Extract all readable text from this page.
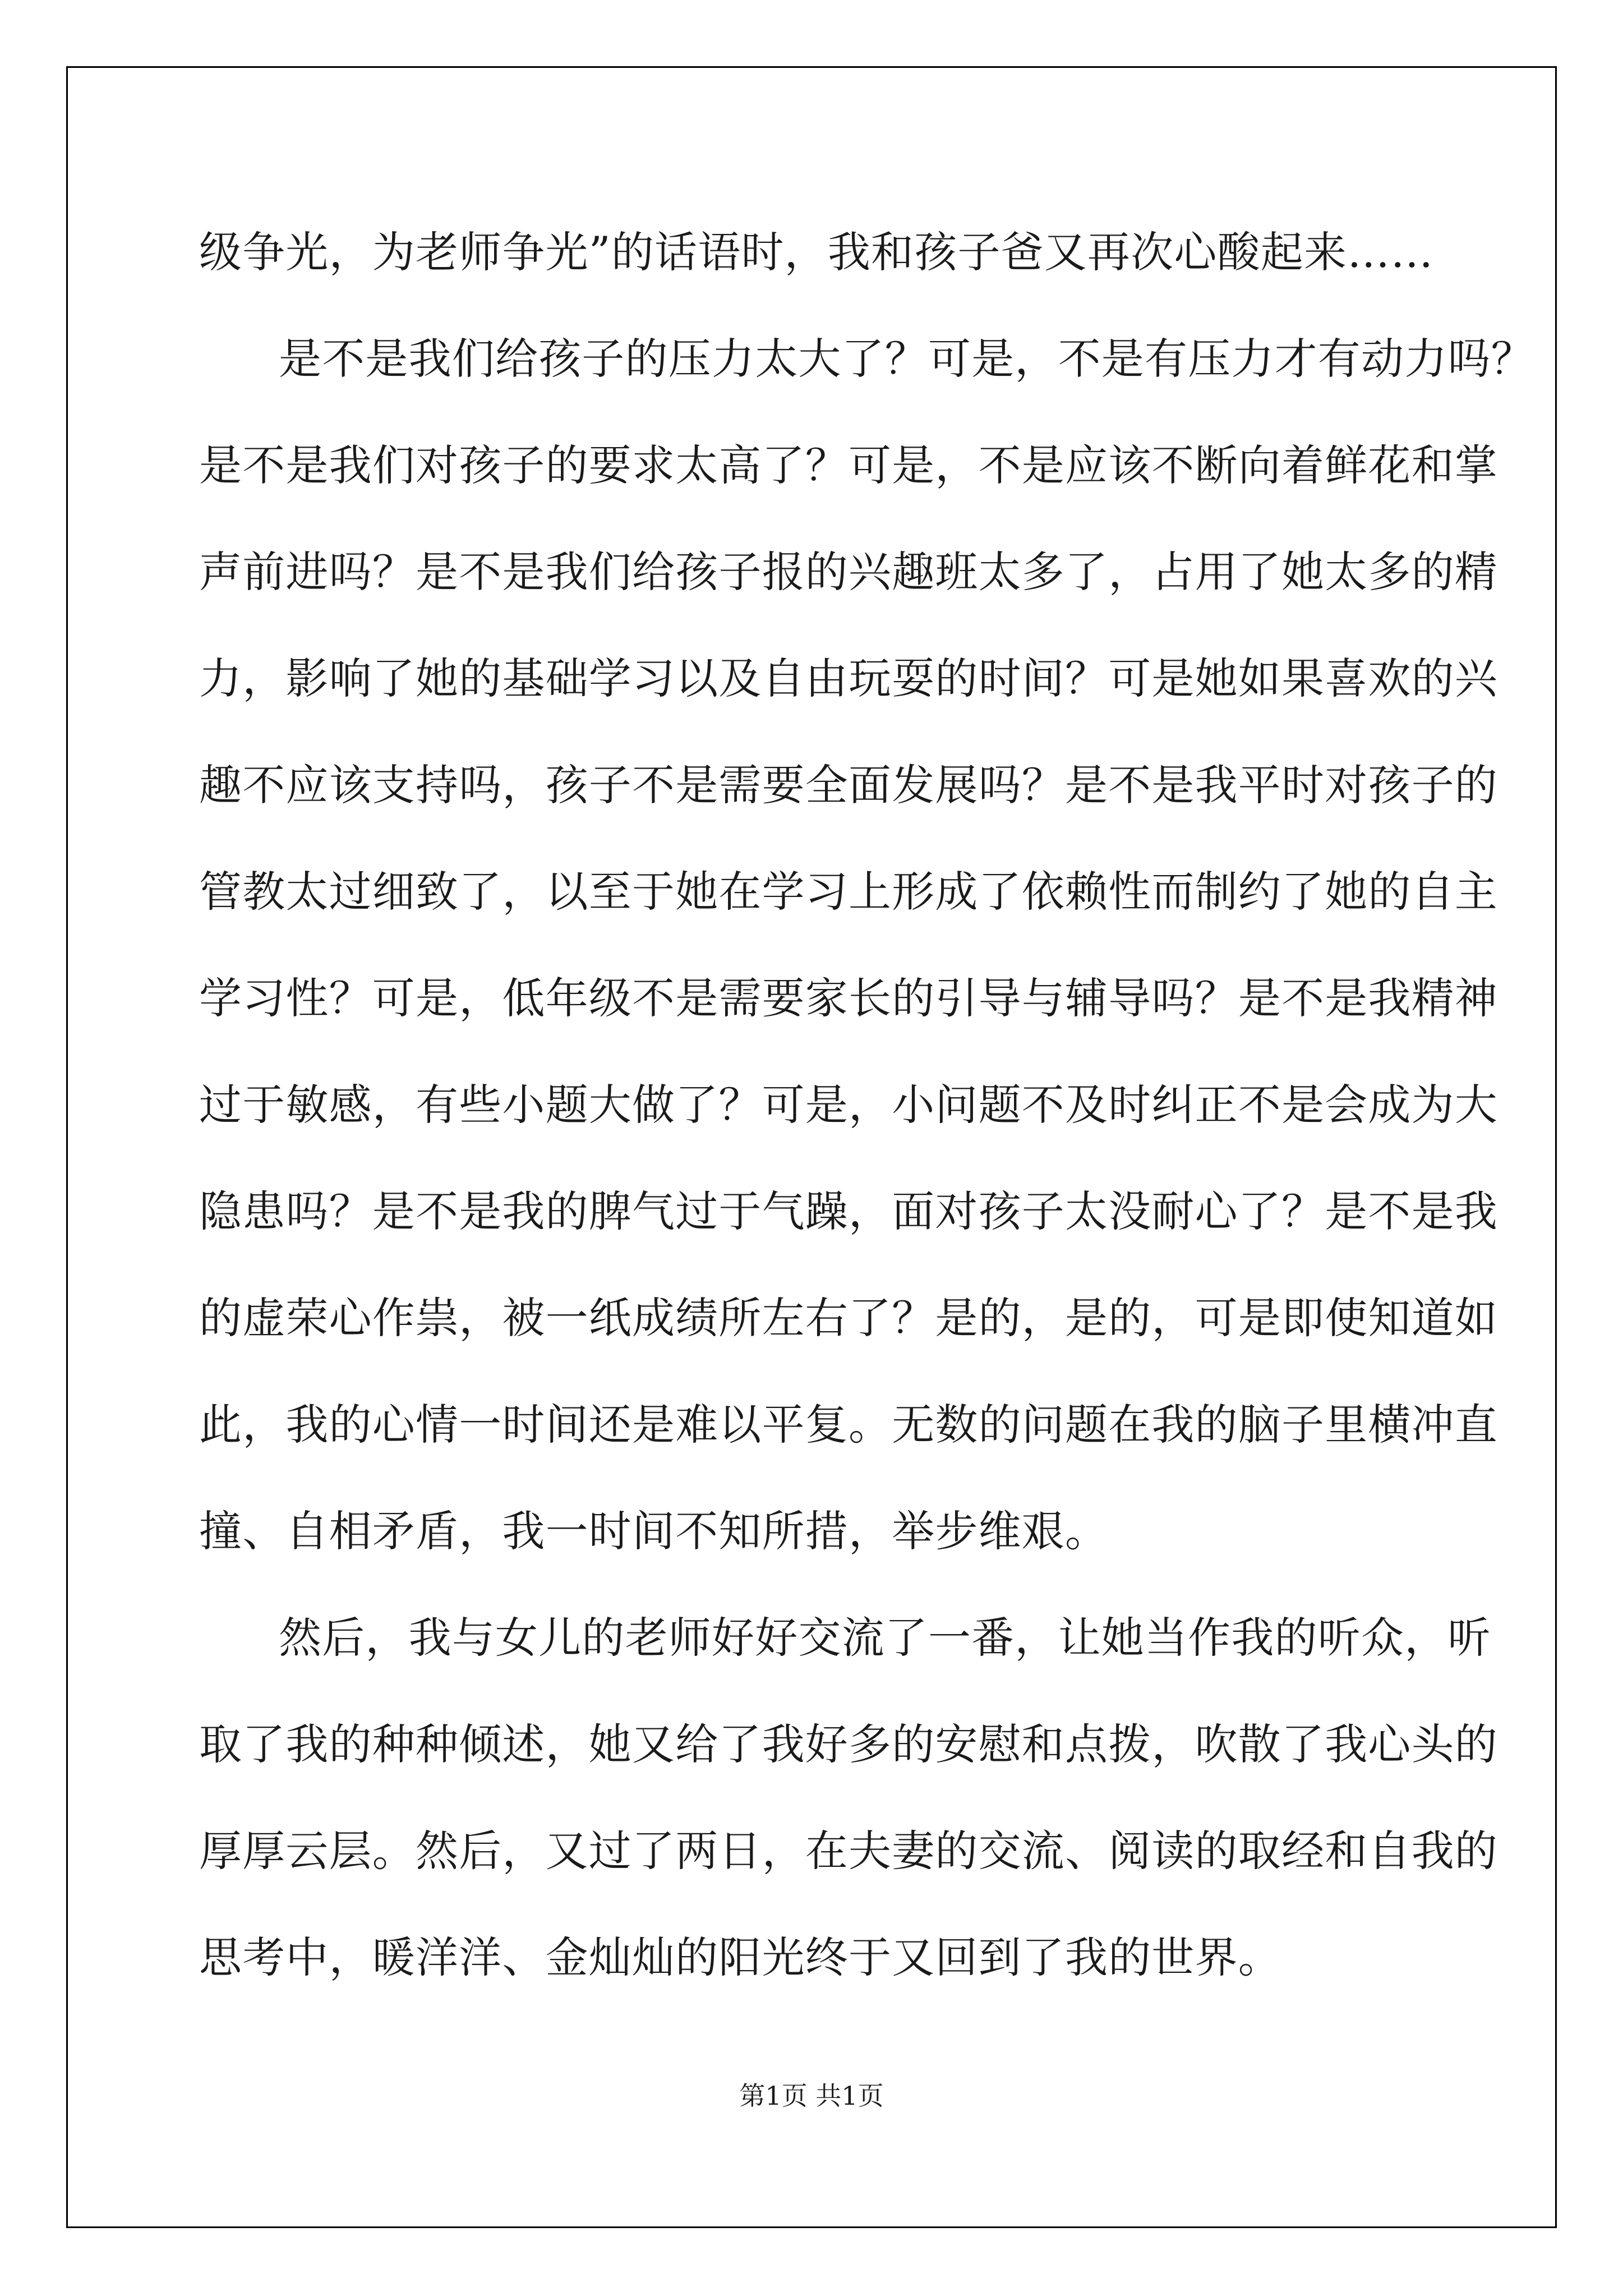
级争光，为老师争光”的话语时，我和孩子爸又再次心酸起来……
是不是我们给孩子的压力太大了？可是，不是有压力才有动力吗？
是不是我们对孩子的要求太高了？可是，不是应该不断向着鲜花和掌
声前进吗？是不是我们给孩子报的兴趣班太多了，占用了她太多的精
力，影响了她的基础学习以及自由玩耍的时间？可是她如果喜欢的兴
趣不应该支持吗，孩子不是需要全面发展吗？是不是我平时对孩子的
管教太过细致了，以至于她在学习上形成了依赖性而制约了她的自主
学习性？可是，低年级不是需要家长的引导与辅导吗？是不是我精神
过于敏感，有些小题大做了？可是，小问题不及时纠正不是会成为大
隐患吗？是不是我的脾气过于气躁，面对孩子太没耐心了？是不是我
的虚荣心作祟，被一纸成绩所左右了？是的，是的，可是即使知道如
此，我的心情一时间还是难以平复。无数的问题在我的脑子里横冲直
撞、自相矛盾，我一时间不知所措，举步维艰。
然后，我与女儿的老师好好交流了一番，让她当作我的听众，听
取了我的种种倾述，她又给了我好多的安慰和点拨，吹散了我心头的
厚厚云层。然后，又过了两日，在夫妻的交流、阅读的取经和自我的
思考中，暖洋洋、金灿灿的阳光终于又回到了我的世界。
第1页 共1页
